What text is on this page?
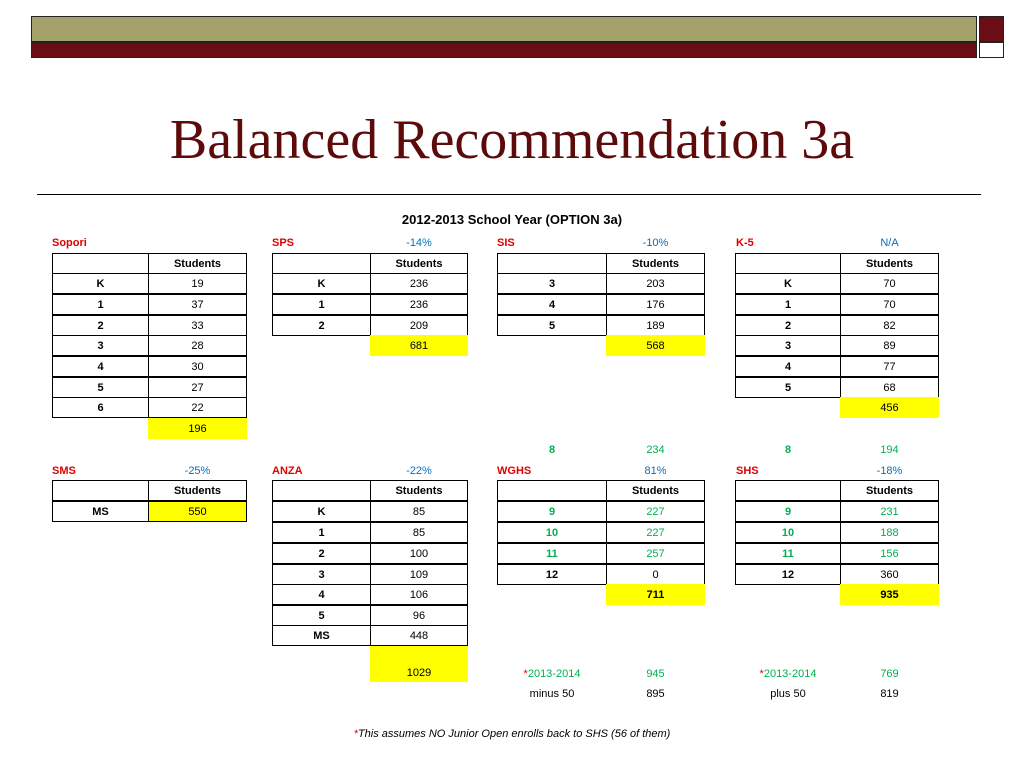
Balanced Recommendation 3a
2012-2013 School Year (OPTION 3a)
Sopori
Students
K	19
1	37
2	33
3	28
4	30
5	27
6	22
196
SPS	-14%
Students
K	236
1	236
2	209
681
SIS	-10%
Students
3	203
4	176
5	189
568
8	234
K-5	N/A
Students
K	70
1	70
2	82
3	89
4	77
5	68
456
8	194
SMS	-25%
Students
MS	550
ANZA	-22%
Students
K	85
1	85
2	100
3	109
4	106
5	96
MS	448
1029
WGHS	81%
Students
9	227
10	227
11	257
12	0
711
*2013-2014	945
minus 50	895
SHS	-18%
Students
9	231
10	188
11	156
12	360
935
*2013-2014	769
plus 50	819
*This assumes NO Junior Open enrolls back to SHS (56 of them)
